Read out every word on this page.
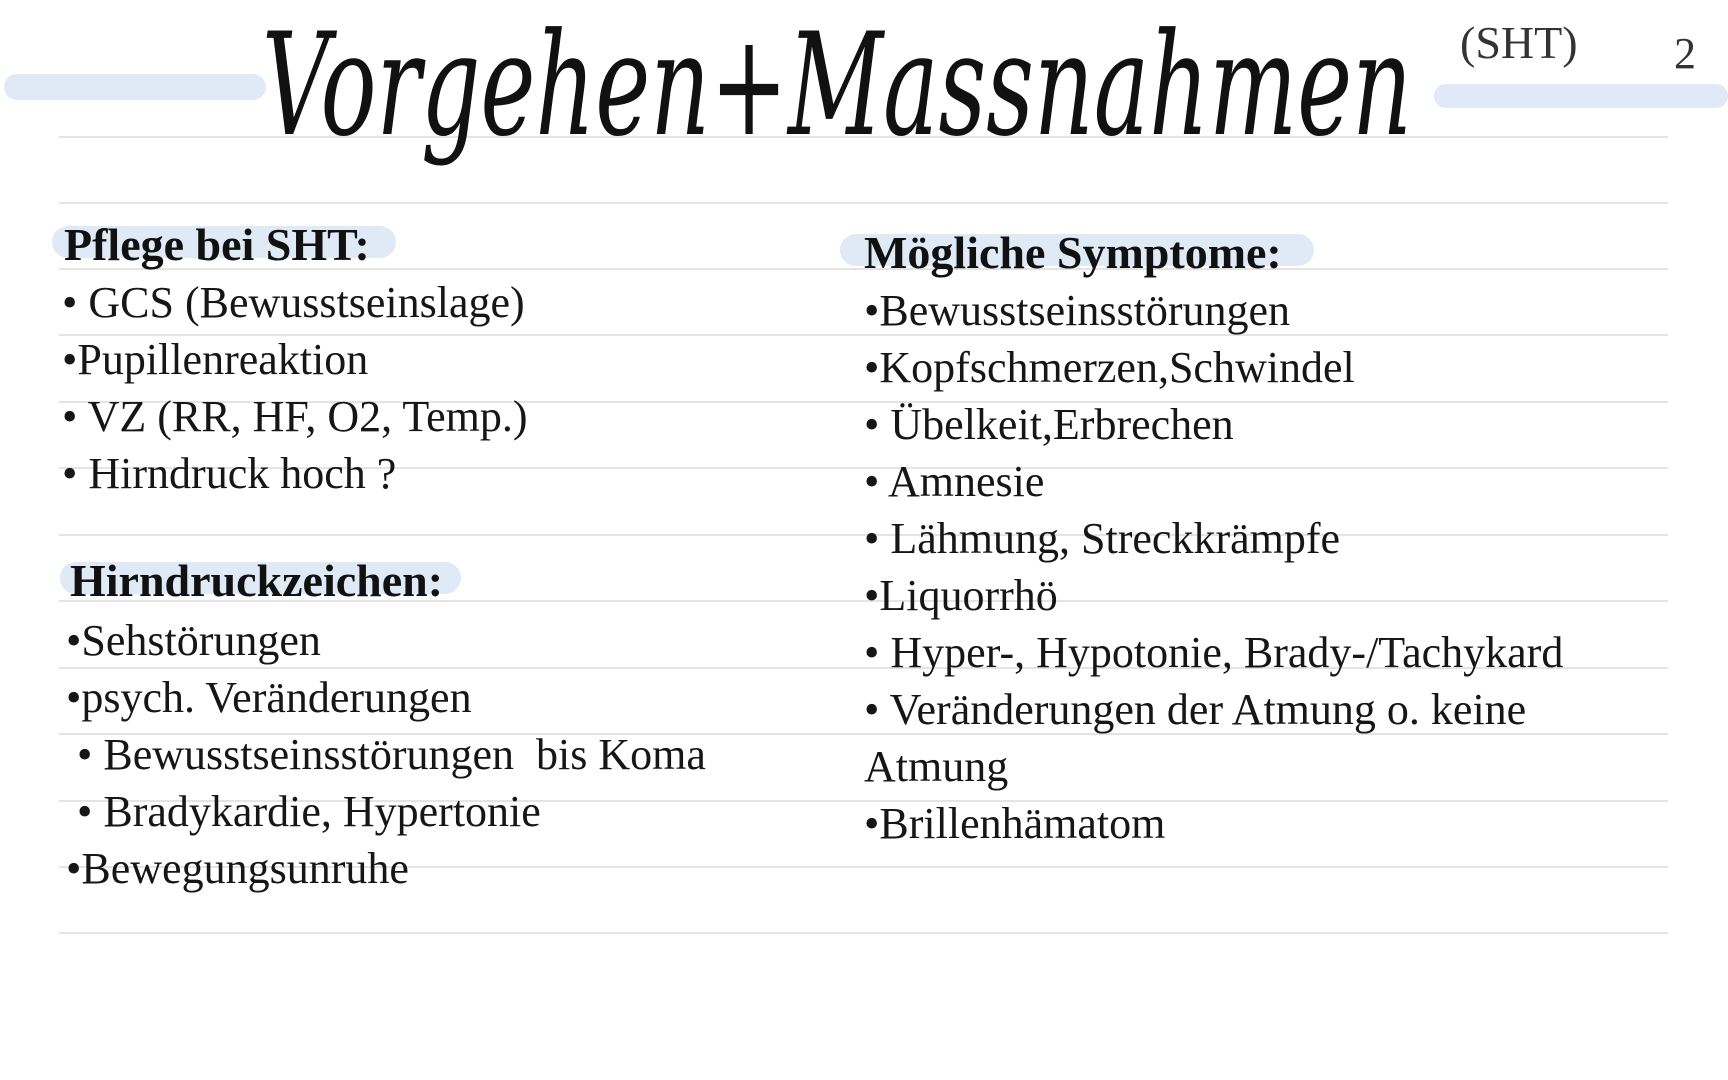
Vorgehen+Massnahmen (SHT) 2
Pflege bei SHT:
• GCS (Bewusstseinslage)
•Pupillenreaktion
• VZ (RR, HF, O2, Temp.)
• Hirndruck hoch ?
Hirndruckzeichen:
•Sehstörungen
•psych. Veränderungen
• Bewusstseinsstörungen  bis Koma
• Bradykardie, Hypertonie
•Bewegungsunruhe
Mögliche Symptome:
•Bewusstseinsstörungen
•Kopfschmerzen,Schwindel
• Übelkeit,Erbrechen
• Amnesie
• Lähmung, Streckkrämpfe
•Liquorrhö
• Hyper-, Hypotonie, Brady-/Tachykard
• Veränderungen der Atmung o. keine
Atmung
•Brillenhämatom
